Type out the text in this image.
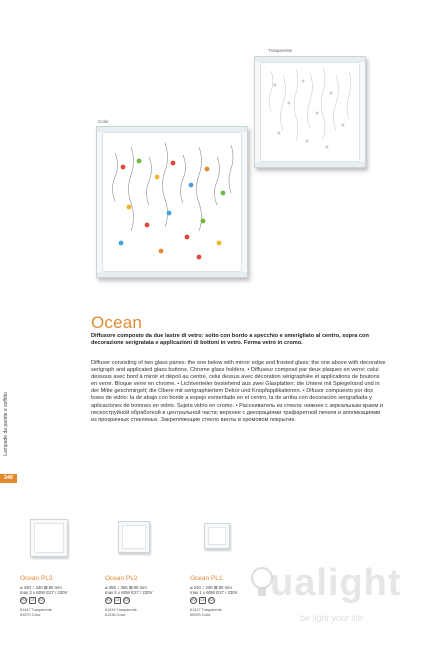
Trasparente
Color
Ocean

Diffusore composto da due lastre di vetro: sotto con bordo a specchio e smerigliato al centro, sopra con decorazione serigratata e applicazioni di bottoni in vetro. Ferma vetro in cromo.

Diffuser consisting of two glass panes: the one below with mirror edge and frosted glass; the one above with decorative serigraph and applicated glass buttons. Chrome glass holders. • Diffuseur composé par deux plaques en verre: celui dessous avec bord à miroir et dépoli au centre, celui dessus avec décoration sérigraphiée et applications de boutons en verre. Bloque verre en chrome. • Lichtverteiler bestehend aus zwei Glasplatten: die Untere mit Spiegelrand und in der Mitte geschmirgelt; die Obere mit serigraphiertem Dekor und Knopfapplikationen. • Difusor compuesto por dos loses de vidrio: la de abajo con borde a espejo esmerilado en el centro, la de arriba con decoración serigrafiada y aplicaciones de botones en vidrio. Sujeta vidrio en cromo. • Рассеиватель из стекла: нижнее с зеркальным краем и пескоструйной обработкой в центральной части; верхнее с декорациями трафаретной печати и аппликациями из прозрачных стекляных. Закрепляющие стекло винты в хромовом покрытие.

Lampade da parete e soffitto
346
Ocean PL3
⌀ 430 ↕ 430 ⊠ 90 mm
max 3 x 60W E27 / 230V
IP20 CE	E27
61447 Trasparente
61570 Color
Ocean PL2
⌀ 355 ↕ 355 ⊠ 90 mm
max 2 x 60W E27 / 230V
IP20 CE	E27
61434 Trasparente
61036 Color
Ocean PL1
⌀ 240 ↕ 240 ⊠ 90 mm
max 1 x 60W E27 / 230V
IP20 CE	E27
61427 Trasparente
60993 Color
ualight
be light your life
